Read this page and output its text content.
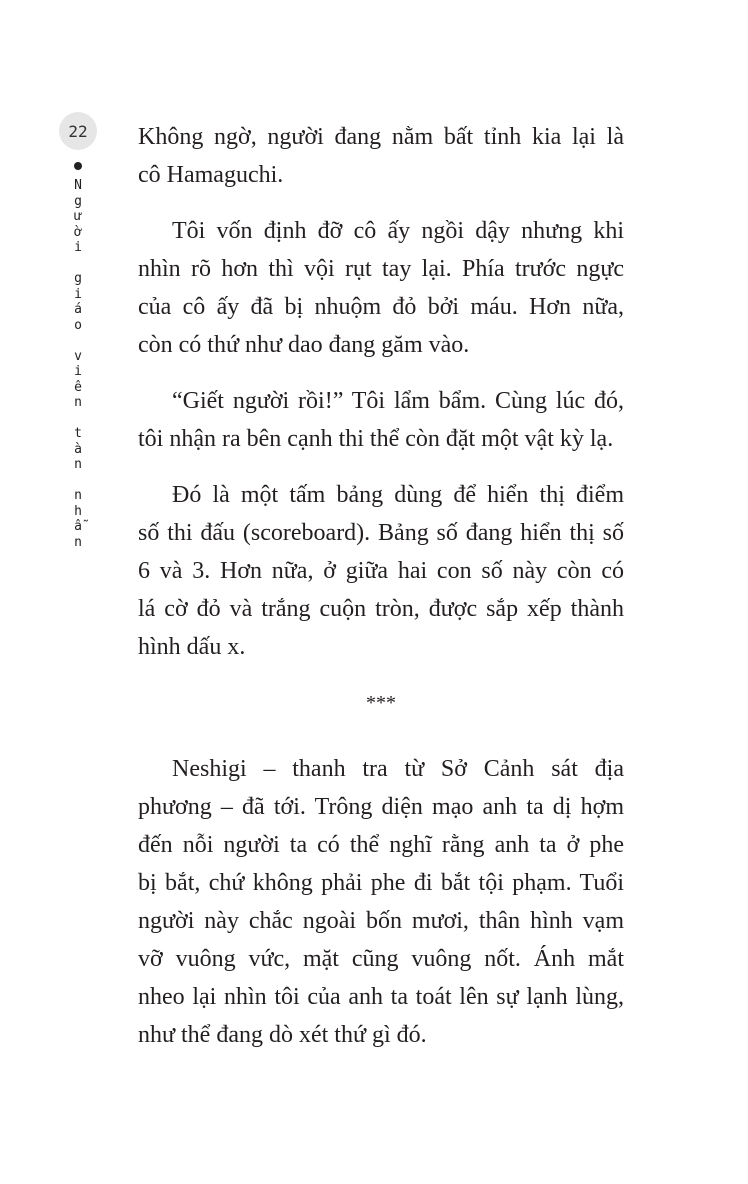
22
N
g
ư
ờ
i

g
i
á
o

v
i
ê
n

t
à
n

n
h
ẫ
n
Không ngờ, người đang nằm bất tỉnh kia lại là
cô Hamaguchi.
Tôi vốn định đỡ cô ấy ngồi dậy nhưng khi
nhìn rõ hơn thì vội rụt tay lại. Phía trước ngực
của cô ấy đã bị nhuộm đỏ bởi máu. Hơn nữa,
còn có thứ như dao đang găm vào.
“Giết người rồi!” Tôi lẩm bẩm. Cùng lúc đó,
tôi nhận ra bên cạnh thi thể còn đặt một vật kỳ lạ.
Đó là một tấm bảng dùng để hiển thị điểm
số thi đấu (scoreboard). Bảng số đang hiển thị số
6 và 3. Hơn nữa, ở giữa hai con số này còn có
lá cờ đỏ và trắng cuộn tròn, được sắp xếp thành
hình dấu x.
***
Neshigi – thanh tra từ Sở Cảnh sát địa
phương – đã tới. Trông diện mạo anh ta dị hợm
đến nỗi người ta có thể nghĩ rằng anh ta ở phe
bị bắt, chứ không phải phe đi bắt tội phạm. Tuổi
người này chắc ngoài bốn mươi, thân hình vạm
vỡ vuông vức, mặt cũng vuông nốt. Ánh mắt
nheo lại nhìn tôi của anh ta toát lên sự lạnh lùng,
như thể đang dò xét thứ gì đó.
